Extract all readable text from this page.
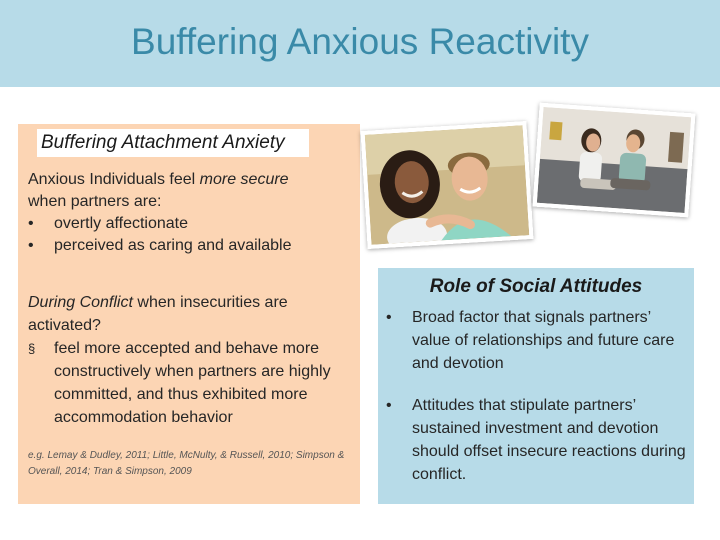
Buffering Anxious Reactivity
Buffering Attachment Anxiety
Anxious Individuals feel more secure
when partners are:
•	overtly affectionate
•	perceived as caring and available
During Conflict when insecurities are activated?
§	feel more accepted and behave more constructively when partners are highly committed, and thus exhibited more accommodation behavior
e.g. Lemay & Dudley, 2011; Little, McNulty, & Russell, 2010; Simpson & Overall, 2014; Tran & Simpson, 2009
Role of Social Attitudes
•	Broad factor that signals partners’ value of relationships and future care and devotion
•	Attitudes that stipulate partners’ sustained investment and devotion should offset insecure reactions during conflict.
